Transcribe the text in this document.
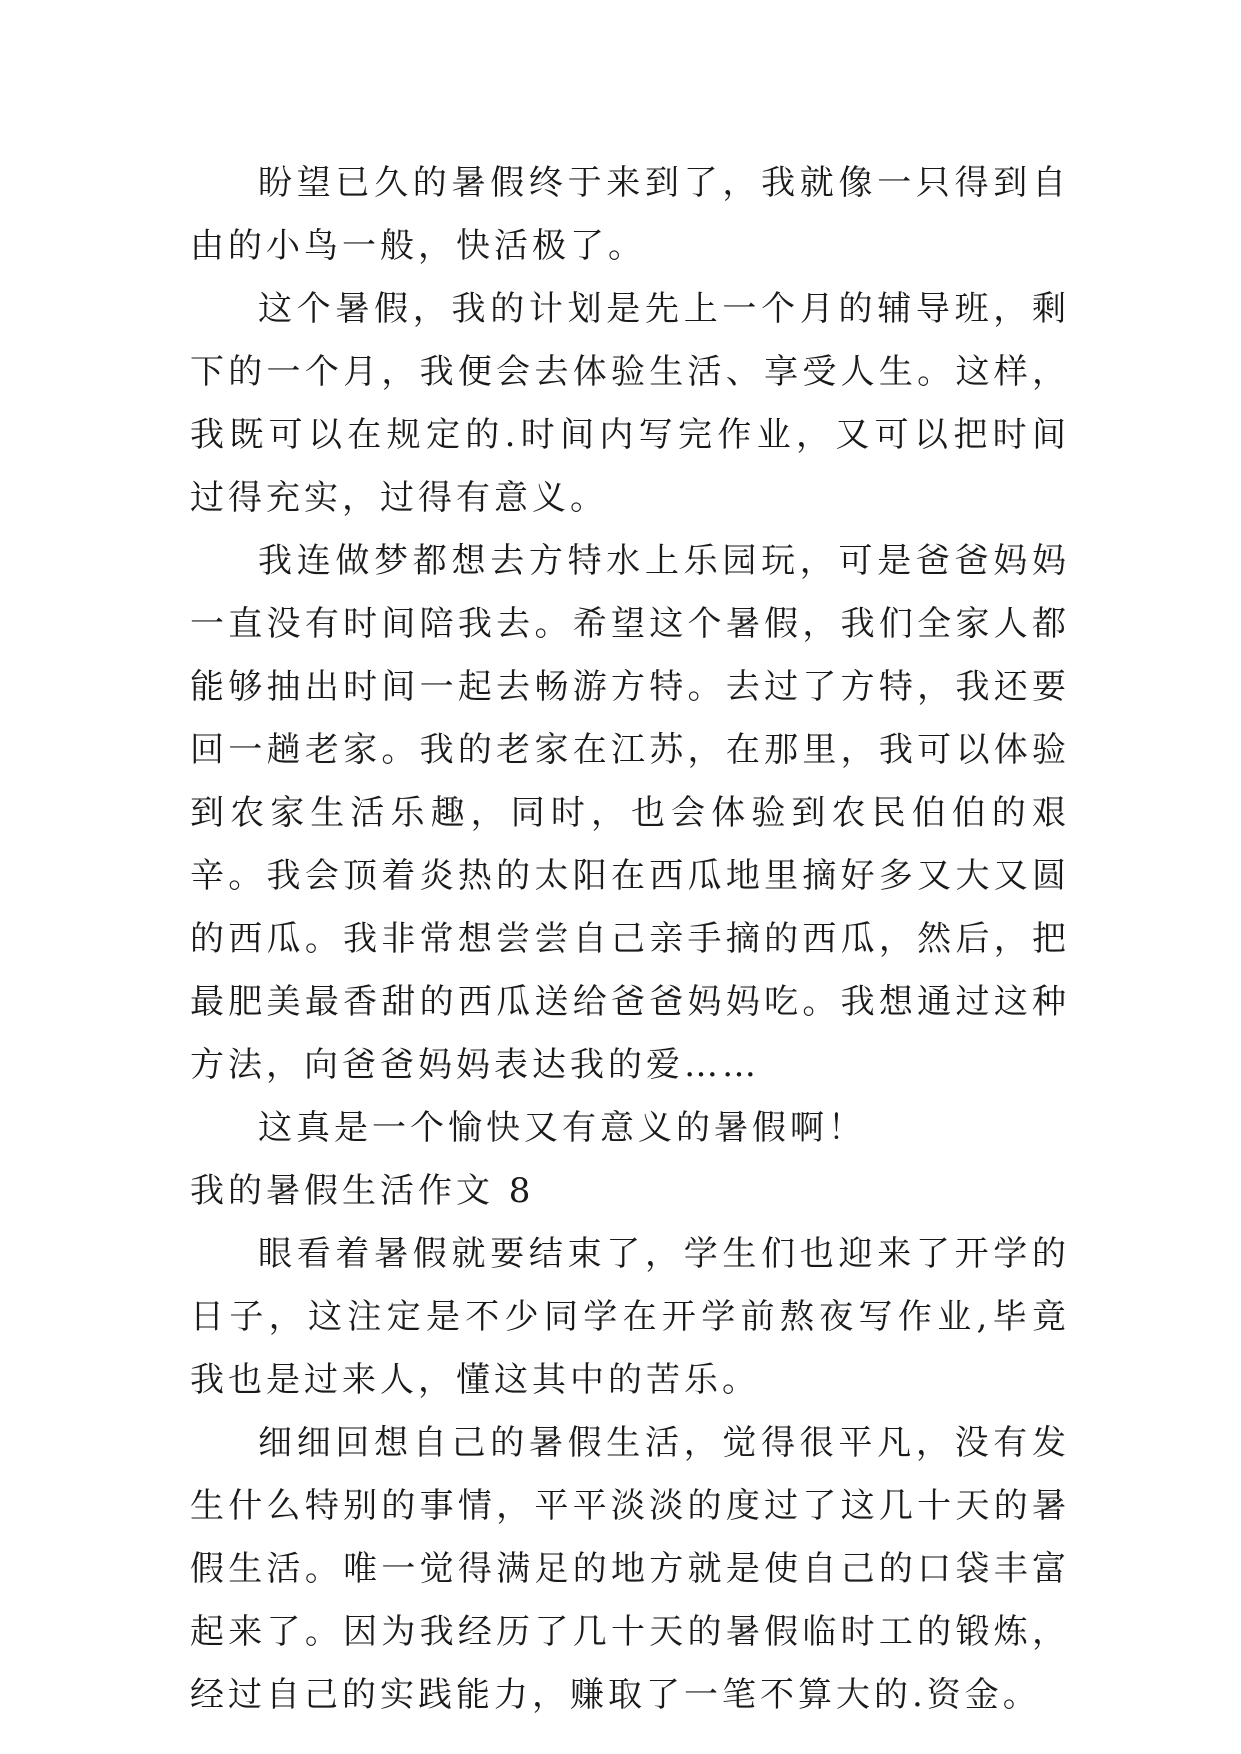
盼望已久的暑假终于来到了，我就像一只得到自由的小鸟一般，快活极了。

这个暑假，我的计划是先上一个月的辅导班，剩下的一个月，我便会去体验生活、享受人生。这样，我既可以在规定的.时间内写完作业，又可以把时间过得充实，过得有意义。

我连做梦都想去方特水上乐园玩，可是爸爸妈妈一直没有时间陪我去。希望这个暑假，我们全家人都能够抽出时间一起去畅游方特。去过了方特，我还要回一趟老家。我的老家在江苏，在那里，我可以体验到农家生活乐趣，同时，也会体验到农民伯伯的艰辛。我会顶着炎热的太阳在西瓜地里摘好多又大又圆的西瓜。我非常想尝尝自己亲手摘的西瓜，然后，把最肥美最香甜的西瓜送给爸爸妈妈吃。我想通过这种方法，向爸爸妈妈表达我的爱……

这真是一个愉快又有意义的暑假啊！

我的暑假生活作文 8

眼看着暑假就要结束了，学生们也迎来了开学的日子，这注定是不少同学在开学前熬夜写作业,毕竟我也是过来人，懂这其中的苦乐。

细细回想自己的暑假生活，觉得很平凡，没有发生什么特别的事情，平平淡淡的度过了这几十天的暑假生活。唯一觉得满足的地方就是使自己的口袋丰富起来了。因为我经历了几十天的暑假临时工的锻炼，经过自己的实践能力，赚取了一笔不算大的.资金。
